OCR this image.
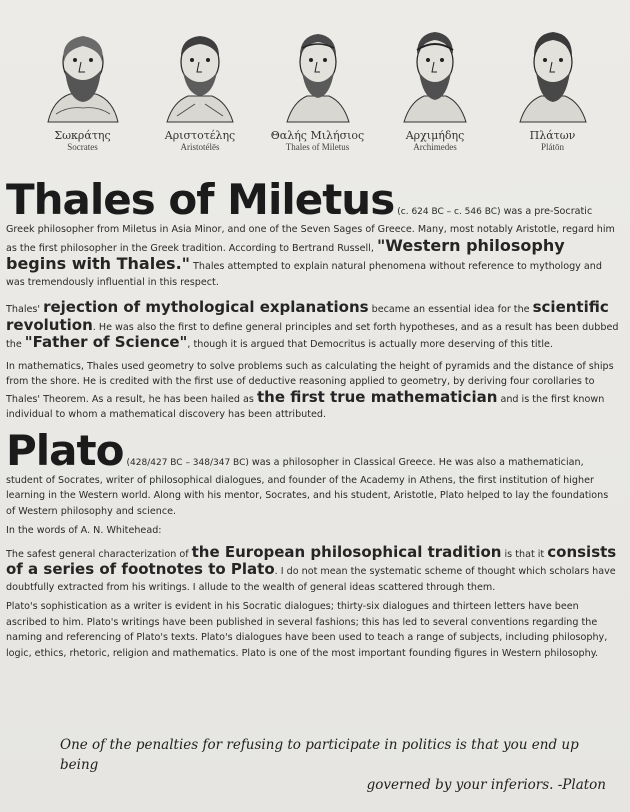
Σωκράτης
Socrates
Αριστοτέλης
Aristotélēs
Θαλής Μιλήσιος
Thales of Miletus
Αρχιμήδης
Archimedes
Πλάτων
Plátōn
Thales of Miletus (c. 624 BC – c. 546 BC) was a pre-Socratic Greek philosopher from Miletus in Asia Minor, and one of the Seven Sages of Greece. Many, most notably Aristotle, regard him as the first philosopher in the Greek tradition. According to Bertrand Russell, "Western philosophy begins with Thales." Thales attempted to explain natural phenomena without reference to mythology and was tremendously influential in this respect.
Thales' rejection of mythological explanations became an essential idea for the scientific revolution. He was also the first to define general principles and set forth hypotheses, and as a result has been dubbed the "Father of Science", though it is argued that Democritus is actually more deserving of this title.
In mathematics, Thales used geometry to solve problems such as calculating the height of pyramids and the distance of ships from the shore. He is credited with the first use of deductive reasoning applied to geometry, by deriving four corollaries to Thales' Theorem. As a result, he has been hailed as the first true mathematician and is the first known individual to whom a mathematical discovery has been attributed.
Plato (428/427 BC – 348/347 BC) was a philosopher in Classical Greece. He was also a mathematician, student of Socrates, writer of philosophical dialogues, and founder of the Academy in Athens, the first institution of higher learning in the Western world. Along with his mentor, Socrates, and his student, Aristotle, Plato helped to lay the foundations of Western philosophy and science.
In the words of A. N. Whitehead:
The safest general characterization of the European philosophical tradition is that it consists of a series of footnotes to Plato. I do not mean the systematic scheme of thought which scholars have doubtfully extracted from his writings. I allude to the wealth of general ideas scattered through them.
Plato's sophistication as a writer is evident in his Socratic dialogues; thirty-six dialogues and thirteen letters have been ascribed to him. Plato's writings have been published in several fashions; this has led to several conventions regarding the naming and referencing of Plato's texts. Plato's dialogues have been used to teach a range of subjects, including philosophy, logic, ethics, rhetoric, religion and mathematics. Plato is one of the most important founding figures in Western philosophy.
One of the penalties for refusing to participate in politics is that you end up being
governed by your inferiors. -Platon
